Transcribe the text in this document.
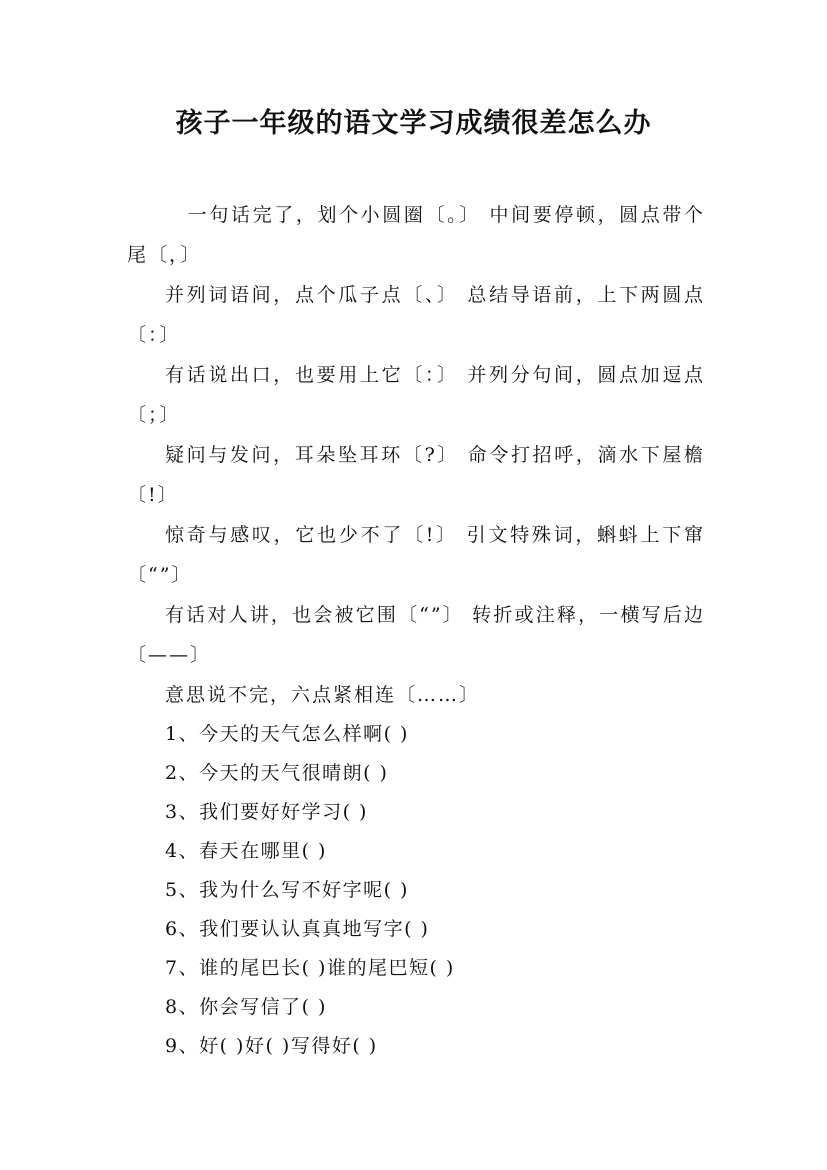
孩子一年级的语文学习成绩很差怎么办

一句话完了，划个小圆圈〔。〕 中间要停顿，圆点带个尾〔，〕

并列词语间，点个瓜子点〔、〕 总结导语前，上下两圆点〔：〕

有话说出口，也要用上它〔：〕 并列分句间，圆点加逗点〔；〕

疑问与发问，耳朵坠耳环〔?〕 命令打招呼，滴水下屋檐〔!〕

惊奇与感叹，它也少不了〔!〕 引文特殊词，蝌蚪上下窜〔“”〕

有话对人讲，也会被它围〔“”〕 转折或注释，一横写后边〔——〕

意思说不完，六点紧相连〔……〕

1、今天的天气怎么样啊( )

2、今天的天气很晴朗( )

3、我们要好好学习( )

4、春天在哪里( )

5、我为什么写不好字呢( )

6、我们要认认真真地写字( )

7、谁的尾巴长( )谁的尾巴短( )

8、你会写信了( )

9、好( )好( )写得好( )
